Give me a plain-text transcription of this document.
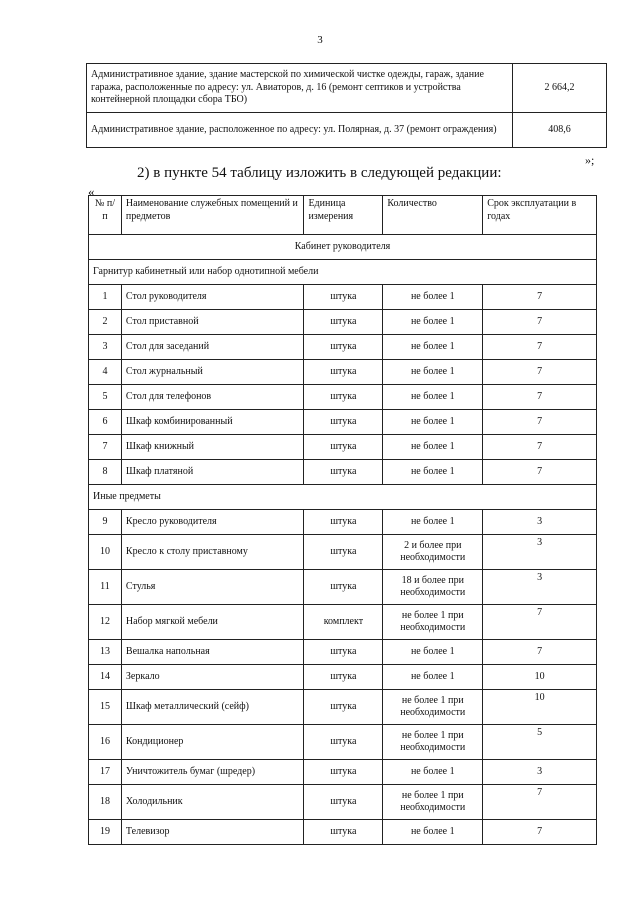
3
Административное здание, здание мастерской по химической чистке одежды, гараж, здание гаража, расположенные по адресу: ул. Авиаторов, д. 16 (ремонт септиков и устройства контейнерной площадки сбора ТБО)	2 664,2
Административное здание, расположенное по адресу: ул. Полярная, д. 37 (ремонт ограждения)	408,6
»;
2) в пункте 54 таблицу изложить в следующей редакции:
«
№ п/п	Наименование служебных помещений и предметов	Единица измерения	Количество	Срок эксплуатации в годах
Кабинет руководителя				
Гарнитур кабинетный или набор однотипной мебели				
1	Стол руководителя	штука	не более 1	7
2	Стол приставной	штука	не более 1	7
3	Стол для заседаний	штука	не более 1	7
4	Стол журнальный	штука	не более 1	7
5	Стол для телефонов	штука	не более 1	7
6	Шкаф комбинированный	штука	не более 1	7
7	Шкаф книжный	штука	не более 1	7
8	Шкаф платяной	штука	не более 1	7
Иные предметы				
9	Кресло руководителя	штука	не более 1	3
10	Кресло к столу приставному	штука	2 и более при необходимости	3
11	Стулья	штука	18 и более при необходимости	3
12	Набор мягкой мебели	комплект	не более 1 при необходимости	7
13	Вешалка напольная	штука	не более 1	7
14	Зеркало	штука	не более 1	10
15	Шкаф металлический (сейф)	штука	не более 1 при необходимости	10
16	Кондиционер	штука	не более 1 при необходимости	5
17	Уничтожитель бумаг (шредер)	штука	не более 1	3
18	Холодильник	штука	не более 1 при необходимости	7
19	Телевизор	штука	не более 1	7
